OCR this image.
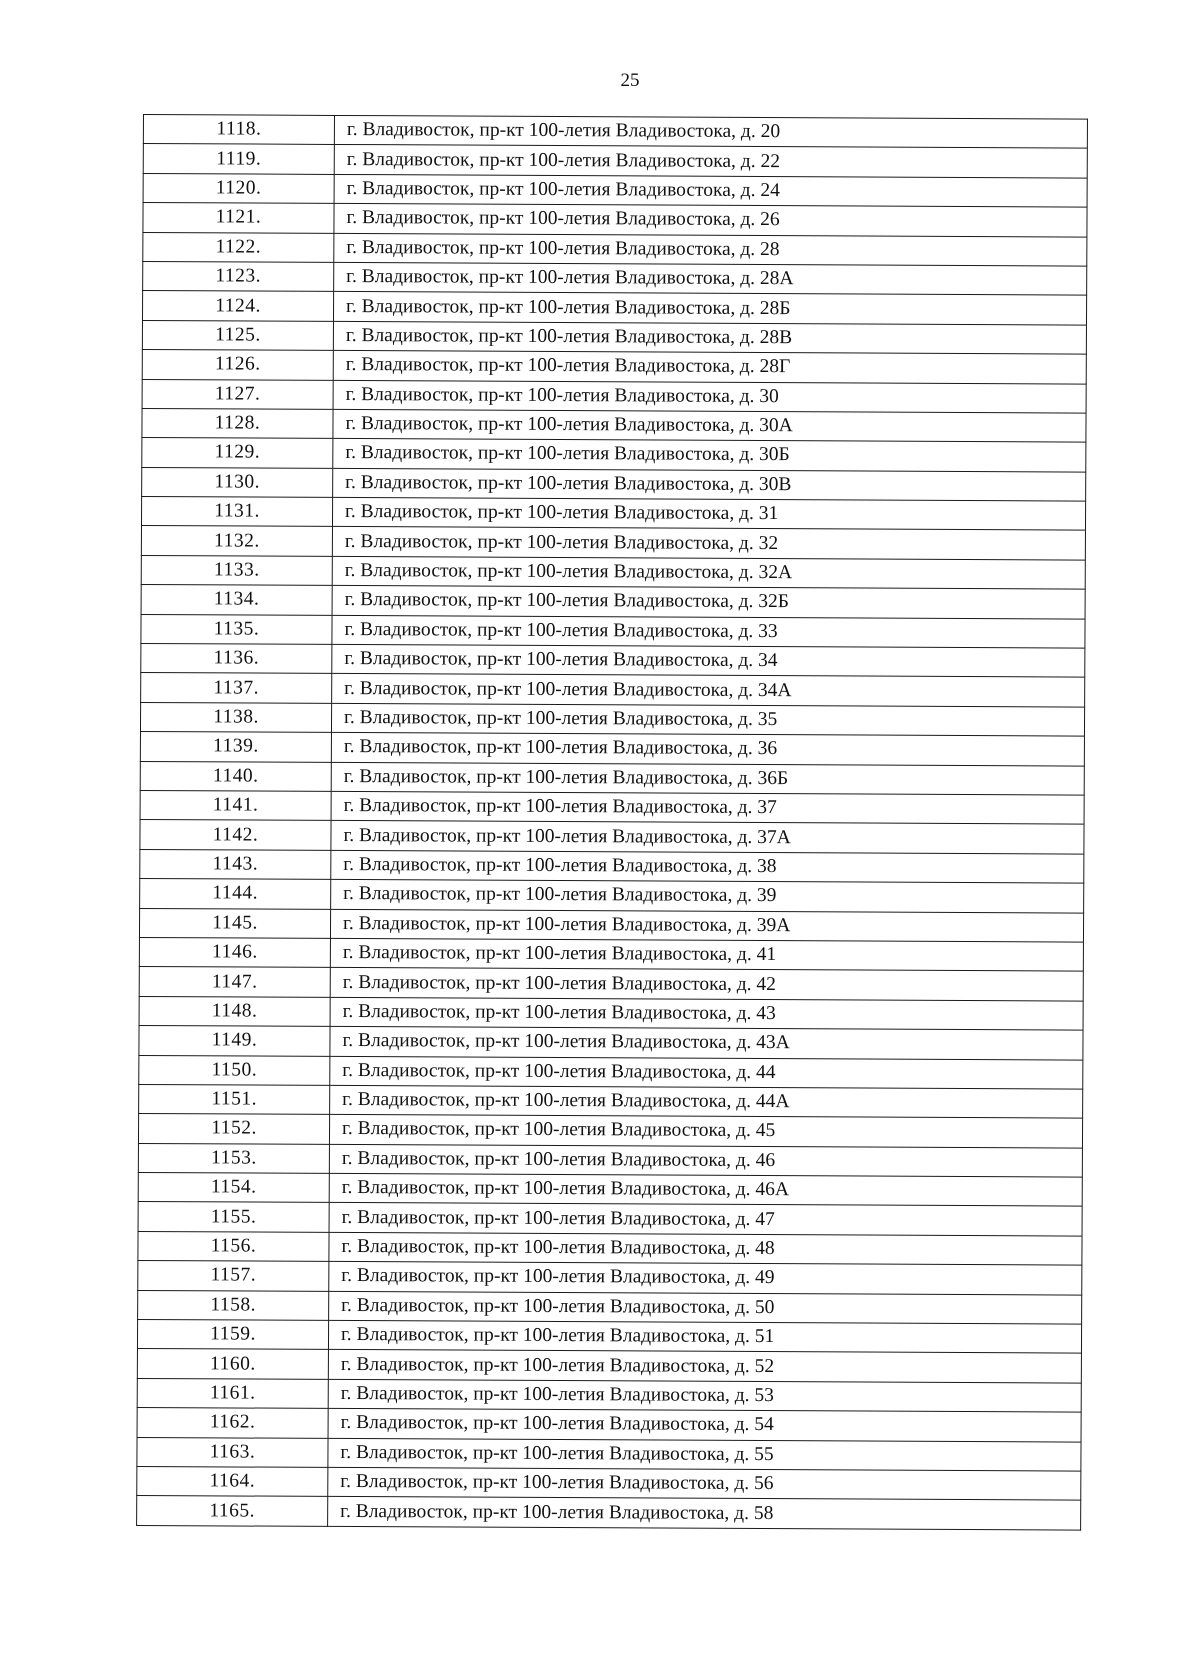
25
1118.	г. Владивосток, пр-кт 100-летия Владивостока, д. 20
1119.	г. Владивосток, пр-кт 100-летия Владивостока, д. 22
1120.	г. Владивосток, пр-кт 100-летия Владивостока, д. 24
1121.	г. Владивосток, пр-кт 100-летия Владивостока, д. 26
1122.	г. Владивосток, пр-кт 100-летия Владивостока, д. 28
1123.	г. Владивосток, пр-кт 100-летия Владивостока, д. 28А
1124.	г. Владивосток, пр-кт 100-летия Владивостока, д. 28Б
1125.	г. Владивосток, пр-кт 100-летия Владивостока, д. 28В
1126.	г. Владивосток, пр-кт 100-летия Владивостока, д. 28Г
1127.	г. Владивосток, пр-кт 100-летия Владивостока, д. 30
1128.	г. Владивосток, пр-кт 100-летия Владивостока, д. 30А
1129.	г. Владивосток, пр-кт 100-летия Владивостока, д. 30Б
1130.	г. Владивосток, пр-кт 100-летия Владивостока, д. 30В
1131.	г. Владивосток, пр-кт 100-летия Владивостока, д. 31
1132.	г. Владивосток, пр-кт 100-летия Владивостока, д. 32
1133.	г. Владивосток, пр-кт 100-летия Владивостока, д. 32А
1134.	г. Владивосток, пр-кт 100-летия Владивостока, д. 32Б
1135.	г. Владивосток, пр-кт 100-летия Владивостока, д. 33
1136.	г. Владивосток, пр-кт 100-летия Владивостока, д. 34
1137.	г. Владивосток, пр-кт 100-летия Владивостока, д. 34А
1138.	г. Владивосток, пр-кт 100-летия Владивостока, д. 35
1139.	г. Владивосток, пр-кт 100-летия Владивостока, д. 36
1140.	г. Владивосток, пр-кт 100-летия Владивостока, д. 36Б
1141.	г. Владивосток, пр-кт 100-летия Владивостока, д. 37
1142.	г. Владивосток, пр-кт 100-летия Владивостока, д. 37А
1143.	г. Владивосток, пр-кт 100-летия Владивостока, д. 38
1144.	г. Владивосток, пр-кт 100-летия Владивостока, д. 39
1145.	г. Владивосток, пр-кт 100-летия Владивостока, д. 39А
1146.	г. Владивосток, пр-кт 100-летия Владивостока, д. 41
1147.	г. Владивосток, пр-кт 100-летия Владивостока, д. 42
1148.	г. Владивосток, пр-кт 100-летия Владивостока, д. 43
1149.	г. Владивосток, пр-кт 100-летия Владивостока, д. 43А
1150.	г. Владивосток, пр-кт 100-летия Владивостока, д. 44
1151.	г. Владивосток, пр-кт 100-летия Владивостока, д. 44А
1152.	г. Владивосток, пр-кт 100-летия Владивостока, д. 45
1153.	г. Владивосток, пр-кт 100-летия Владивостока, д. 46
1154.	г. Владивосток, пр-кт 100-летия Владивостока, д. 46А
1155.	г. Владивосток, пр-кт 100-летия Владивостока, д. 47
1156.	г. Владивосток, пр-кт 100-летия Владивостока, д. 48
1157.	г. Владивосток, пр-кт 100-летия Владивостока, д. 49
1158.	г. Владивосток, пр-кт 100-летия Владивостока, д. 50
1159.	г. Владивосток, пр-кт 100-летия Владивостока, д. 51
1160.	г. Владивосток, пр-кт 100-летия Владивостока, д. 52
1161.	г. Владивосток, пр-кт 100-летия Владивостока, д. 53
1162.	г. Владивосток, пр-кт 100-летия Владивостока, д. 54
1163.	г. Владивосток, пр-кт 100-летия Владивостока, д. 55
1164.	г. Владивосток, пр-кт 100-летия Владивостока, д. 56
1165.	г. Владивосток, пр-кт 100-летия Владивостока, д. 58
